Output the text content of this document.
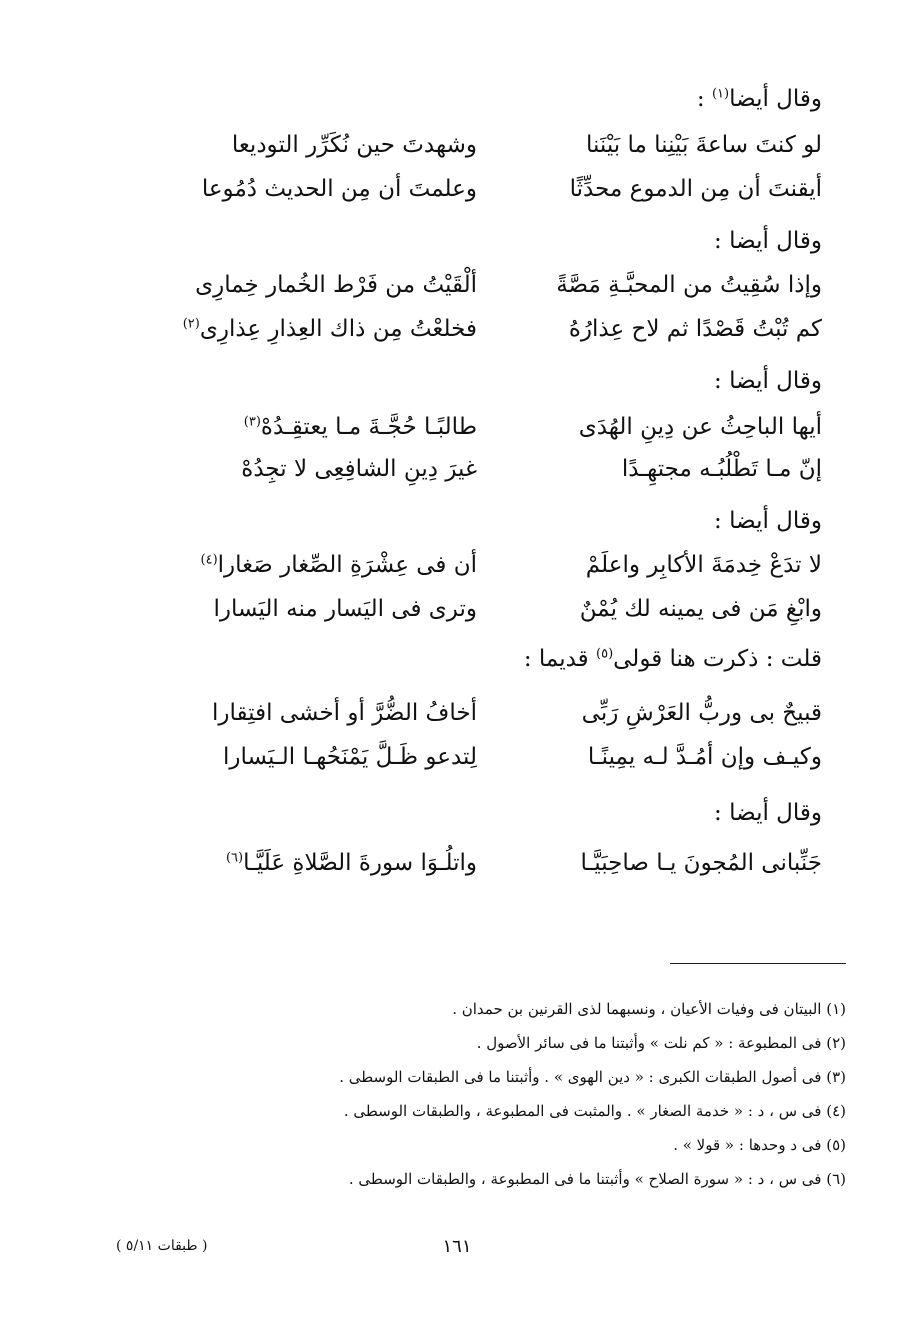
وقال أيضا$^{(١)}$ :
لو كنتَ ساعةَ بَيْنِنا ما بَيْنَنا
وشهدتَ حين نُكَرِّر التوديعا
أيقنتَ أن مِن الدموع محدِّثًا
وعلمتَ أن مِن الحديث دُمُوعا
وقال أيضا :
وإذا سُقِيتُ من المحبَّـةِ مَصَّةً
ألْقَيْتُ من فَرْط الخُمار خِمارِى
كم تُبْتُ قَصْدًا ثم لاح عِذارُهُ
فخلعْتُ مِن ذاك العِذارِ عِذارِى$^{(٢)}$
وقال أيضا :
أيها الباحِثُ عن دِينِ الهُدَى
طالبًـا حُجَّـةَ مـا يعتقِـدُهْ$^{(٣)}$
إنّ مـا تَطْلُبُـه مجتهِـدًا
غيرَ دِينِ الشافِعِى لا تجِدُهْ
وقال أيضا :
لا تدَعْ خِدمَةَ الأكابِر واعلَمْ
أن فى عِشْرَةِ الصِّغار صَغارا$^{(٤)}$
وابْغِ مَن فى يمينه لك يُمْنٌ
وترى فى اليَسار منه اليَسارا
قلت : ذكرت هنا قولى$^{(٥)}$ قديما :
قبيحٌ بى وربُّ العَرْشِ رَبِّى
أخافُ الضُّرَّ أو أخشى افتِقارا
وكيـف وإن أمُـدَّ لـه يمِينًـا
لِتدعو ظَـلَّ يَمْنَحُهـا الـيَسارا
وقال أيضا :
جَنِّبانى المُجونَ يـا صاحِبَيَّـا
واتلُـوَا سورةَ الصَّلاةِ عَلَيَّـا$^{(٦)}$
(١) البيتان فى وفيات الأعيان ، ونسبهما لذى القرنين بن حمدان .
(٢) فى المطبوعة : « كم نلت » وأثبتنا ما فى سائر الأصول .
(٣) فى أصول الطبقات الكبرى : « دين الهوى » . وأثبتنا ما فى الطبقات الوسطى .
(٤) فى س ، د : « خدمة الصغار » . والمثبت فى المطبوعة ، والطبقات الوسطى .
(٥) فى د وحدها : « قولا » .
(٦) فى س ، د : « سورة الصلاح » وأثبتنا ما فى المطبوعة ، والطبقات الوسطى .
١٦١
( طبقات ٥/١١ )
